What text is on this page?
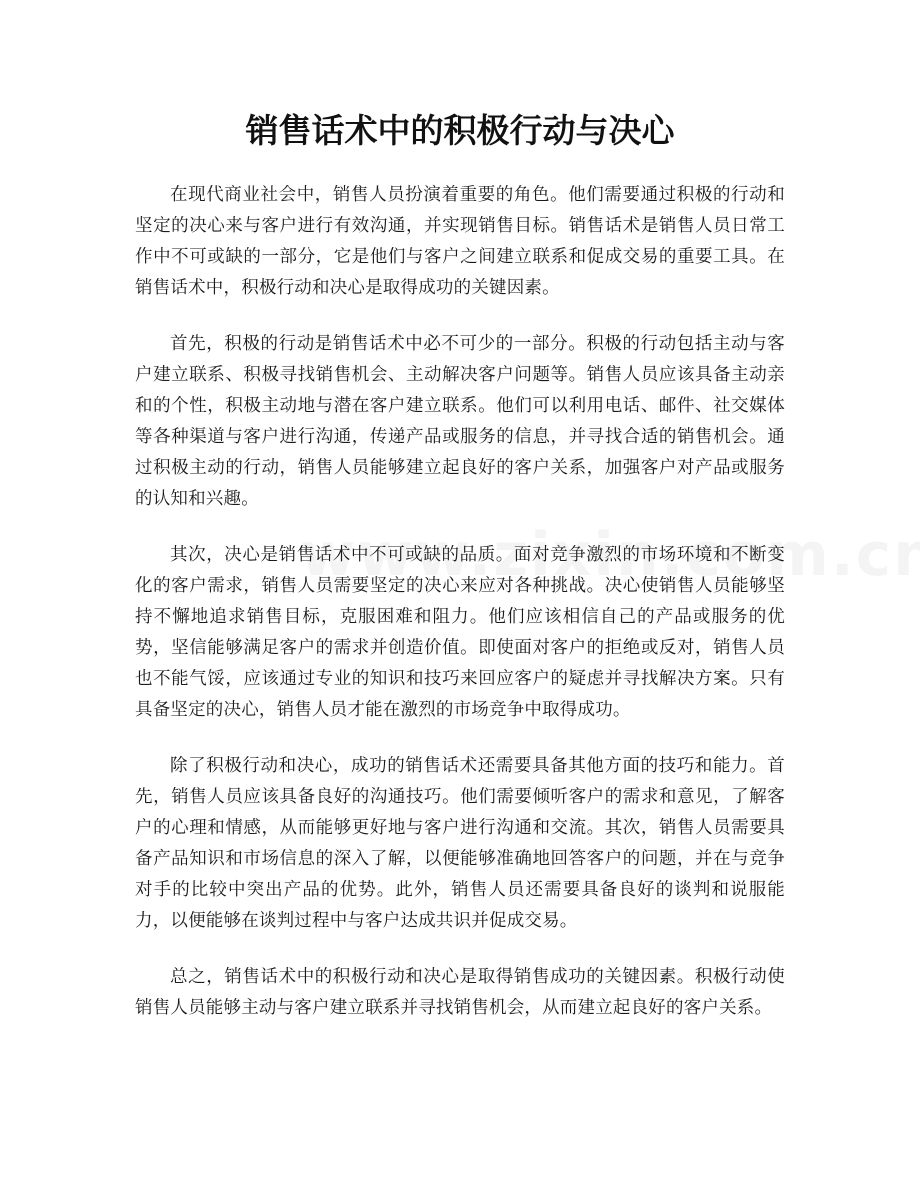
销售话术中的积极行动与决心

在现代商业社会中，销售人员扮演着重要的角色。他们需要通过积极的行动和坚定的决心来与客户进行有效沟通，并实现销售目标。销售话术是销售人员日常工作中不可或缺的一部分，它是他们与客户之间建立联系和促成交易的重要工具。在销售话术中，积极行动和决心是取得成功的关键因素。

首先，积极的行动是销售话术中必不可少的一部分。积极的行动包括主动与客户建立联系、积极寻找销售机会、主动解决客户问题等。销售人员应该具备主动亲和的个性，积极主动地与潜在客户建立联系。他们可以利用电话、邮件、社交媒体等各种渠道与客户进行沟通，传递产品或服务的信息，并寻找合适的销售机会。通过积极主动的行动，销售人员能够建立起良好的客户关系，加强客户对产品或服务的认知和兴趣。

其次，决心是销售话术中不可或缺的品质。面对竞争激烈的市场环境和不断变化的客户需求，销售人员需要坚定的决心来应对各种挑战。决心使销售人员能够坚持不懈地追求销售目标，克服困难和阻力。他们应该相信自己的产品或服务的优势，坚信能够满足客户的需求并创造价值。即使面对客户的拒绝或反对，销售人员也不能气馁，应该通过专业的知识和技巧来回应客户的疑虑并寻找解决方案。只有具备坚定的决心，销售人员才能在激烈的市场竞争中取得成功。

除了积极行动和决心，成功的销售话术还需要具备其他方面的技巧和能力。首先，销售人员应该具备良好的沟通技巧。他们需要倾听客户的需求和意见，了解客户的心理和情感，从而能够更好地与客户进行沟通和交流。其次，销售人员需要具备产品知识和市场信息的深入了解，以便能够准确地回答客户的问题，并在与竞争对手的比较中突出产品的优势。此外，销售人员还需要具备良好的谈判和说服能力，以便能够在谈判过程中与客户达成共识并促成交易。

总之，销售话术中的积极行动和决心是取得销售成功的关键因素。积极行动使销售人员能够主动与客户建立联系并寻找销售机会，从而建立起良好的客户关系。
